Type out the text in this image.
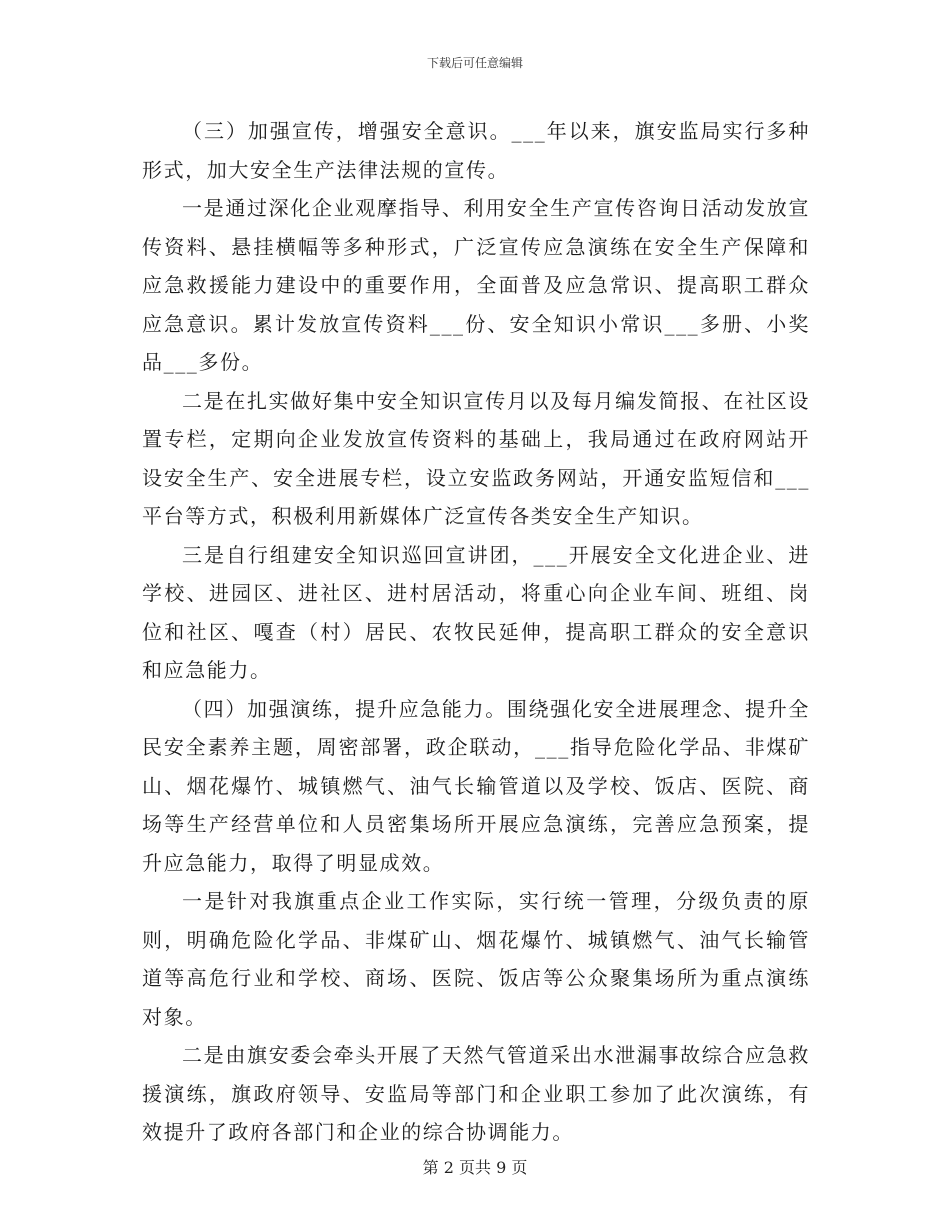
下载后可任意编辑

（三）加强宣传，增强安全意识。___年以来，旗安监局实行多种形式，加大安全生产法律法规的宣传。

一是通过深化企业观摩指导、利用安全生产宣传咨询日活动发放宣传资料、悬挂横幅等多种形式，广泛宣传应急演练在安全生产保障和应急救援能力建设中的重要作用，全面普及应急常识、提高职工群众应急意识。累计发放宣传资料___份、安全知识小常识___多册、小奖品___多份。

二是在扎实做好集中安全知识宣传月以及每月编发简报、在社区设置专栏，定期向企业发放宣传资料的基础上，我局通过在政府网站开设安全生产、安全进展专栏，设立安监政务网站，开通安监短信和___平台等方式，积极利用新媒体广泛宣传各类安全生产知识。

三是自行组建安全知识巡回宣讲团，___开展安全文化进企业、进学校、进园区、进社区、进村居活动，将重心向企业车间、班组、岗位和社区、嘎查（村）居民、农牧民延伸，提高职工群众的安全意识和应急能力。

（四）加强演练，提升应急能力。围绕强化安全进展理念、提升全民安全素养主题，周密部署，政企联动，___指导危险化学品、非煤矿山、烟花爆竹、城镇燃气、油气长输管道以及学校、饭店、医院、商场等生产经营单位和人员密集场所开展应急演练，完善应急预案，提升应急能力，取得了明显成效。

一是针对我旗重点企业工作实际，实行统一管理，分级负责的原则，明确危险化学品、非煤矿山、烟花爆竹、城镇燃气、油气长输管道等高危行业和学校、商场、医院、饭店等公众聚集场所为重点演练对象。

二是由旗安委会牵头开展了天然气管道采出水泄漏事故综合应急救援演练，旗政府领导、安监局等部门和企业职工参加了此次演练，有效提升了政府各部门和企业的综合协调能力。

第 2 页共 9 页
